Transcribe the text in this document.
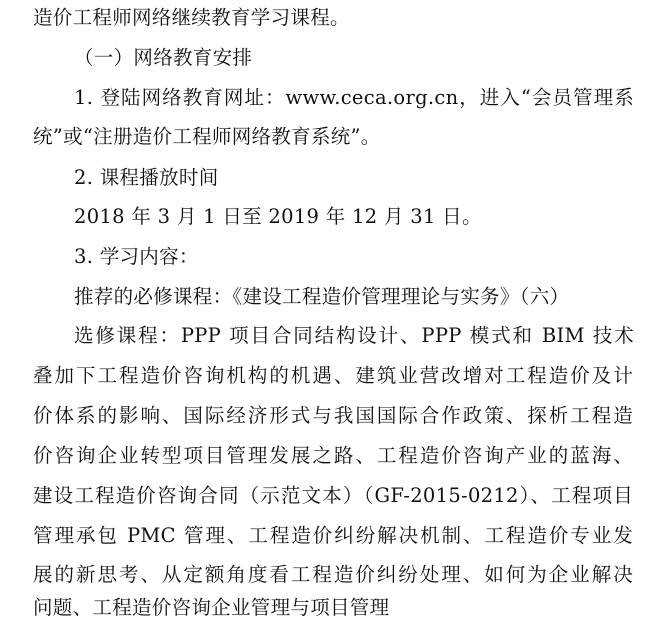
造价工程师网络继续教育学习课程。
（一）网络教育安排
1. 登陆网络教育网址：www.ceca.org.cn，进入“会员管理系
统”或“注册造价工程师网络教育系统”。
2. 课程播放时间
2018 年 3 月 1 日至 2019 年 12 月 31 日。
3. 学习内容：
推荐的必修课程：《建设工程造价管理理论与实务》（六）
选修课程：PPP 项目合同结构设计、PPP 模式和 BIM 技术
叠加下工程造价咨询机构的机遇、建筑业营改增对工程造价及计
价体系的影响、国际经济形式与我国国际合作政策、探析工程造
价咨询企业转型项目管理发展之路、工程造价咨询产业的蓝海、
建设工程造价咨询合同（示范文本）（GF-2015-0212）、工程项目
管理承包 PMC 管理、工程造价纠纷解决机制、工程造价专业发
展的新思考、从定额角度看工程造价纠纷处理、如何为企业解决
问题、工程造价咨询企业管理与项目管理
